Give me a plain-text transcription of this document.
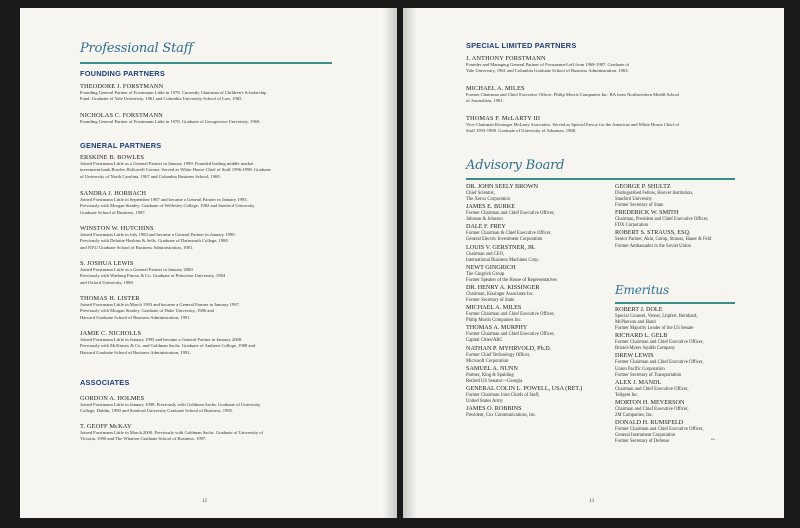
Professional Staff
FOUNDING PARTNERS
THEODORE J. FORSTMANN
Founding General Partner of Forstmann Little in 1978. Currently Chairman of Children's Scholarship
Fund. Graduate of Yale University, 1961 and Columbia University School of Law, 1965.
NICHOLAS C. FORSTMANN
Founding General Partner of Forstmann Little in 1978. Graduate of Georgetown University, 1969.
GENERAL PARTNERS
ERSKINE B. BOWLES
Joined Forstmann Little as a General Partner in January 1999. Founded leading middle market
investment bank Bowles Hollowell Conner. Served as White House Chief of Staff 1996-1998. Graduate
of University of North Carolina, 1967 and Columbia Business School, 1969.
SANDRA J. HORBACH
Joined Forstmann Little in September 1987 and became a General Partner in January 1993.
Previously with Morgan Stanley. Graduate of Wellesley College, 1982 and Stanford University
Graduate School of Business, 1987.
WINSTON W. HUTCHINS
Joined Forstmann Little in July 1983 and became a General Partner in January 1990.
Previously with Deloitte Haskins & Sells. Graduate of Dartmouth College, 1980
and NYU Graduate School of Business Administration, 1981.
S. JOSHUA LEWIS
Joined Forstmann Little as a General Partner in January 2000.
Previously with Warburg Pincus & Co. Graduate of Princeton University, 1984
and Oxford University, 1989.
THOMAS H. LISTER
Joined Forstmann Little in March 1993 and became a General Partner in January 1997.
Previously with Morgan Stanley. Graduate of Duke University, 1986 and
Harvard Graduate School of Business Administration, 1991.
JAMIE C. NICHOLLS
Joined Forstmann Little in January 1995 and became a General Partner in January 2000.
Previously with McKinsey & Co. and Goldman Sachs. Graduate of Amherst College, 1988 and
Harvard Graduate School of Business Administration, 1992.
ASSOCIATES
GORDON A. HOLMES
Joined Forstmann Little in January 1998. Previously with Goldman Sachs. Graduate of University
College, Dublin, 1990 and Stanford University Graduate School of Business, 1995.
T. GEOFF McKAY
Joined Forstmann Little in March 2000. Previously with Goldman Sachs. Graduate of University of
Victoria, 1990 and The Wharton Graduate School of Business, 1997.
12
SPECIAL LIMITED PARTNERS
J. ANTHONY FORSTMANN
Founder and Managing General Partner of Forstmann-Leff from 1968-1987. Graduate of
Yale University, 1961 and Columbia Graduate School of Business Administration, 1963.
MICHAEL A. MILES
Former Chairman and Chief Executive Officer, Philip Morris Companies Inc. BA from Northwestern Medill School
of Journalism, 1961.
THOMAS F. McLARTY III
Vice Chairman Kissinger McLarty Associates. Served as Special Envoy for the Americas and White House Chief of
Staff 1993-1998. Graduate of University of Arkansas, 1968.
Advisory Board
DR. JOHN SEELY BROWN
Chief Scientist,
The Xerox Corporation
JAMES E. BURKE
Former Chairman and Chief Executive Officer,
Johnson & Johnson
DALE F. FREY
Former Chairman & Chief Executive Officer,
General Electric Investment Corporation
LOUIS V. GERSTNER, JR.
Chairman and CEO,
International Business Machines Corp.
NEWT GINGRICH
The Gingrich Group
Former Speaker of the House of Representatives
DR. HENRY A. KISSINGER
Chairman, Kissinger Associates Inc.
Former Secretary of State
MICHAEL A. MILES
Former Chairman and Chief Executive Officer,
Philip Morris Companies Inc.
THOMAS A. MURPHY
Former Chairman and Chief Executive Officer,
Capital Cities/ABC
NATHAN P. MYHRVOLD, Ph.D.
Former Chief Technology Officer,
Microsoft Corporation
SAMUEL A. NUNN
Partner, King & Spalding
Retired US Senator—Georgia
GENERAL COLIN L. POWELL, USA (RET.)
Former Chairman Joint Chiefs of Staff,
United States Army
JAMES O. ROBBINS
President, Cox Communications, Inc.
GEORGE P. SHULTZ
Distinguished Fellow, Hoover Institution,
Stanford University
Former Secretary of State
FREDERICK W. SMITH
Chairman, President and Chief Executive Officer,
FDX Corporation
ROBERT S. STRAUSS, ESQ.
Senior Partner, Akin, Gump, Strauss, Hauer & Feld
Former Ambassador to the Soviet Union
Emeritus
ROBERT J. DOLE
Special Counsel, Verner, Liipfert, Bernhard,
McPherson and Hand
Former Majority Leader of the US Senate
RICHARD L. GELB
Former Chairman and Chief Executive Officer,
Bristol-Myers Squibb Company
DREW LEWIS
Former Chairman and Chief Executive Officer,
Union Pacific Corporation
Former Secretary of Transportation
ALEX J. MANDL
Chairman and Chief Executive Officer,
Teligent Inc.
MORTON H. MEYERSON
Chairman and Chief Executive Officer,
2M Companies, Inc.
DONALD H. RUMSFELD
Former Chairman and Chief Executive Officer,
General Instrument Corporation
Former Secretary of Defense	~
13
